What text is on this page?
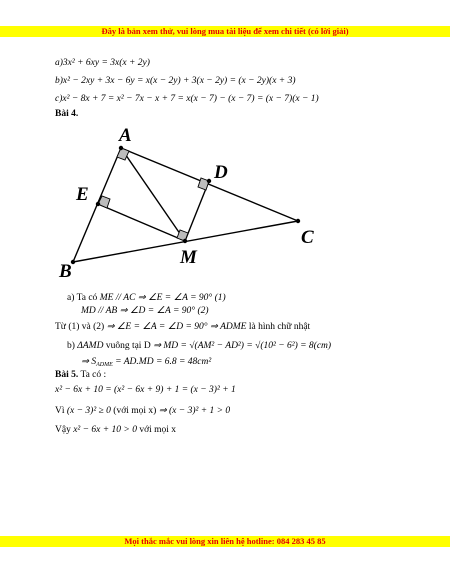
Đây là bản xem thử, vui lòng mua tài liệu để xem chi tiết (có lời giải)
a)3x² + 6xy = 3x(x + 2y)
b)x² − 2xy + 3x − 6y = x(x − 2y) + 3(x − 2y) = (x − 2y)(x + 3)
c)x² − 8x + 7 = x² − 7x − x + 7 = x(x − 7) − (x − 7) = (x − 7)(x − 1)
Bài 4.
A
B
C
D
E
M
a) Ta có ME // AC ⇒ ∠E = ∠A = 90° (1)
MD // AB ⇒ ∠D = ∠A = 90° (2)
Từ (1) và (2) ⇒ ∠E = ∠A = ∠D = 90° ⇒ ADME là hình chữ nhật
b) ΔAMD vuông tại D ⇒ MD = √(AM² − AD²) = √(10² − 6²) = 8(cm)
⇒ $S_{ADME} = AD.MD = 6.8 = 48cm^2$
Bài 5. Ta có :
x² − 6x + 10 = (x² − 6x + 9) + 1 = (x − 3)² + 1
Vì (x − 3)² ≥ 0 (với mọi x) ⇒ (x − 3)² + 1 > 0
Vậy x² − 6x + 10 > 0 với mọi x
Mọi thắc mắc vui lòng xin liên hệ hotline: 084 283 45 85
